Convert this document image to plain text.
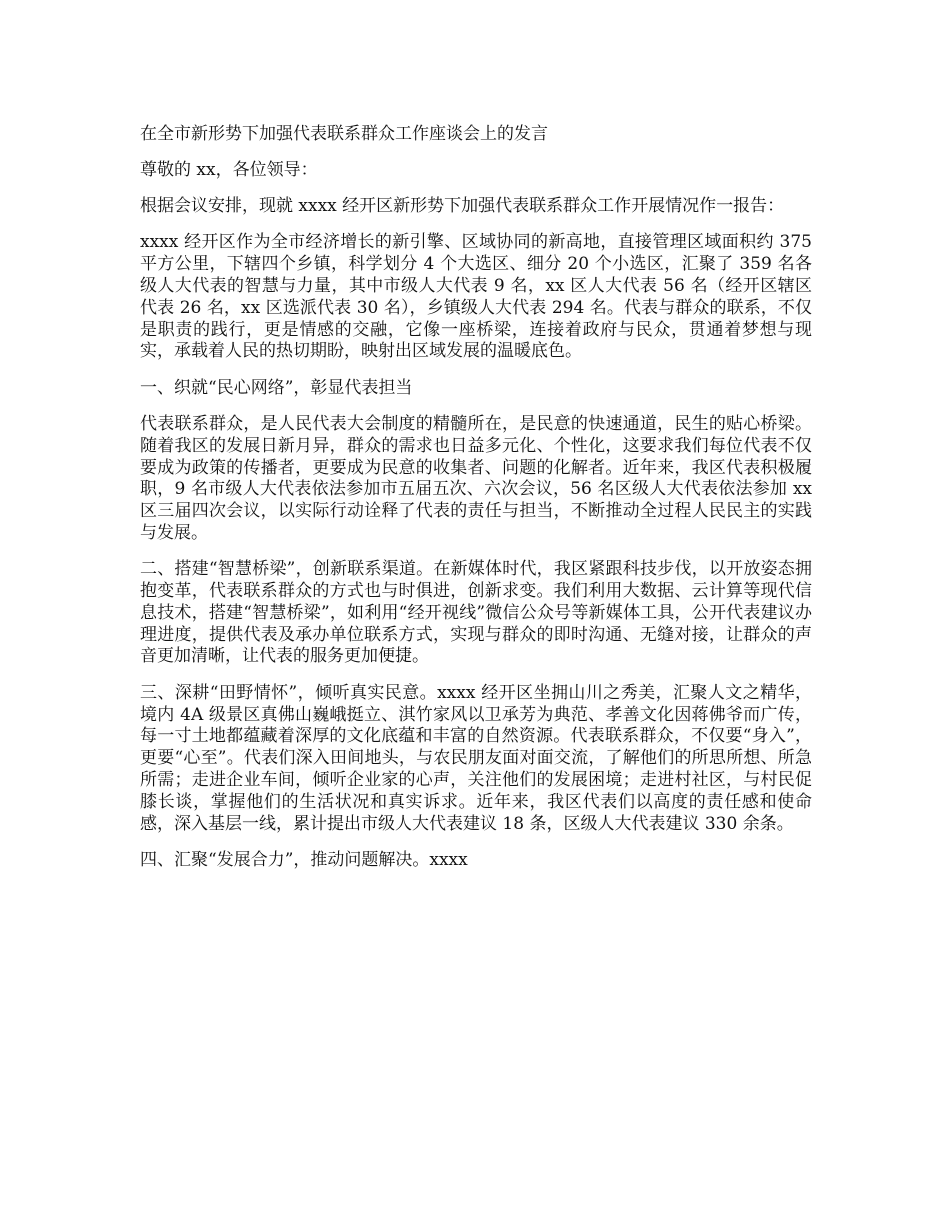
在全市新形势下加强代表联系群众工作座谈会上的发言

尊敬的 xx，各位领导：

根据会议安排，现就 xxxx 经开区新形势下加强代表联系群众工作开展情况作一报告：

xxxx 经开区作为全市经济增长的新引擎、区域协同的新高地，直接管理区域面积约 375 平方公里，下辖四个乡镇，科学划分 4 个大选区、细分 20 个小选区，汇聚了 359 名各级人大代表的智慧与力量，其中市级人大代表 9 名，xx 区人大代表 56 名（经开区辖区代表 26 名，xx 区选派代表 30 名），乡镇级人大代表 294 名。代表与群众的联系，不仅是职责的践行，更是情感的交融，它像一座桥梁，连接着政府与民众，贯通着梦想与现实，承载着人民的热切期盼，映射出区域发展的温暖底色。

一、织就“民心网络”，彰显代表担当

代表联系群众，是人民代表大会制度的精髓所在，是民意的快速通道，民生的贴心桥梁。随着我区的发展日新月异，群众的需求也日益多元化、个性化，这要求我们每位代表不仅要成为政策的传播者，更要成为民意的收集者、问题的化解者。近年来，我区代表积极履职，9 名市级人大代表依法参加市五届五次、六次会议，56 名区级人大代表依法参加 xx 区三届四次会议，以实际行动诠释了代表的责任与担当，不断推动全过程人民民主的实践与发展。

二、搭建“智慧桥梁”，创新联系渠道。在新媒体时代，我区紧跟科技步伐，以开放姿态拥抱变革，代表联系群众的方式也与时俱进，创新求变。我们利用大数据、云计算等现代信息技术，搭建“智慧桥梁”，如利用“经开视线”微信公众号等新媒体工具，公开代表建议办理进度，提供代表及承办单位联系方式，实现与群众的即时沟通、无缝对接，让群众的声音更加清晰，让代表的服务更加便捷。

三、深耕“田野情怀”，倾听真实民意。xxxx 经开区坐拥山川之秀美，汇聚人文之精华，境内 4A 级景区真佛山巍峨挺立、淇竹家风以卫承芳为典范、孝善文化因蒋佛爷而广传，每一寸土地都蕴藏着深厚的文化底蕴和丰富的自然资源。代表联系群众，不仅要“身入”，更要“心至”。代表们深入田间地头，与农民朋友面对面交流，了解他们的所思所想、所急所需；走进企业车间，倾听企业家的心声，关注他们的发展困境；走进村社区，与村民促膝长谈，掌握他们的生活状况和真实诉求。近年来，我区代表们以高度的责任感和使命感，深入基层一线，累计提出市级人大代表建议 18 条，区级人大代表建议 330 余条。

四、汇聚“发展合力”，推动问题解决。xxxx
